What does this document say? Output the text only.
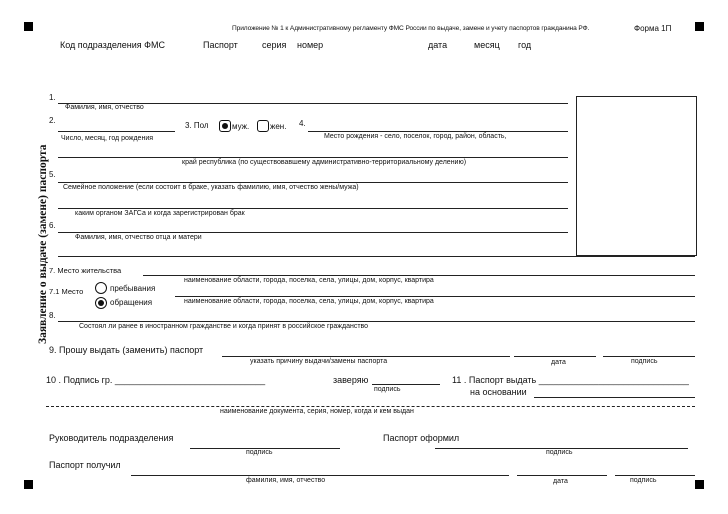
Приложение № 1 к Административному регламенту ФМС России по выдаче, замене и учету паспортов гражданина РФ.	Форма 1П
Код подразделения ФМС	Паспорт	серия номер	дата	месяц год
Заявление о выдаче (замене) паспорта
1.
Фамилия, имя, отчество
2.
Число, месяц, год рождения
3. Пол	муж.	жен. 4.
Место рождения - село, поселок, город, район, область,
край республика (по существовавшему административно-территориальному делению)
5.
Семейное положение (если состоит в браке, указать фамилию, имя, отчество жены/мужа)
каким органом ЗАГСа и когда зарегистрирован брак
6.
Фамилия, имя, отчество отца и матери
7. Место жительства
наименование области, города, поселка, села, улицы, дом, корпус, квартира
7.1 Место	пребывания
обращения	наименование области, города, поселка, села, улицы, дом, корпус, квартира
8.
Состоял ли ранее в иностранном гражданстве и когда принят в российское гражданство
9. Прошу выдать (заменить) паспорт
указать причину выдачи/замены паспорта	дата	подпись
10 . Подпись гр. ______________________________	заверяю
подпись
11 . Паспорт выдать ______________________________
на основании
наименование документа, серия, номер, когда и кем выдан
Руководитель подразделения
подпись
Паспорт оформил
подпись
Паспорт получил
фамилия, имя, отчество	дата	подпись
